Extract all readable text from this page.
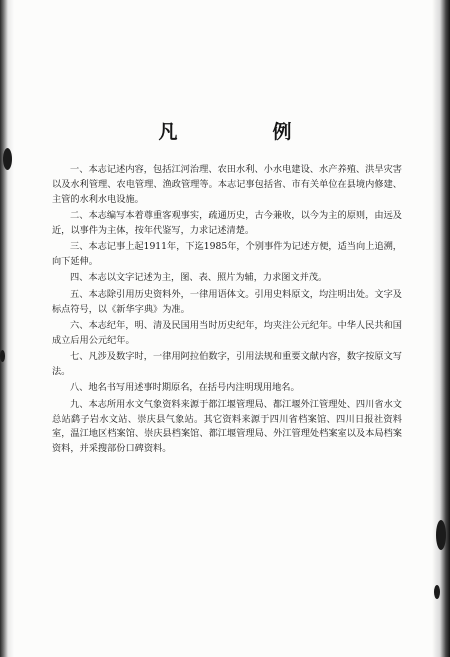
凡　例

一、本志记述内容，包括江河治理、农田水利、小水电建设、水产养殖、洪旱灾害以及水利管理、农电管理、渔政管理等。本志记事包括省、市有关单位在县境内修建、主管的水利水电设施。

二、本志编写本着尊重客观事实，疏通历史，古今兼收，以今为主的原则，由远及近，以事件为主体，按年代鉴写，力求记述清楚。

三、本志记事上起1911年，下迄1985年，个别事件为记述方便，适当向上追溯，向下延伸。

四、本志以文字记述为主，图、表、照片为辅，力求图文并茂。

五、本志除引用历史资料外，一律用语体文。引用史料原文，均注明出处。文字及标点符号，以《新华字典》为准。

六、本志纪年，明、清及民国用当时历史纪年，均夹注公元纪年。中华人民共和国成立后用公元纪年。

七、凡涉及数字时，一律用阿拉伯数字，引用法规和重要文献内容，数字按原文写法。

八、地名书写用述事时期原名，在括号内注明现用地名。

九、本志所用水文气象资料来源于都江堰管理局、都江堰外江管理处、四川省水文总站鹞子岩水文站、崇庆县气象站。其它资料来源于四川省档案馆、四川日报社资料室，温江地区档案馆、崇庆县档案馆、都江堰管理局、外江管理处档案室以及本局档案资料，并采搜部份口碑资料。
